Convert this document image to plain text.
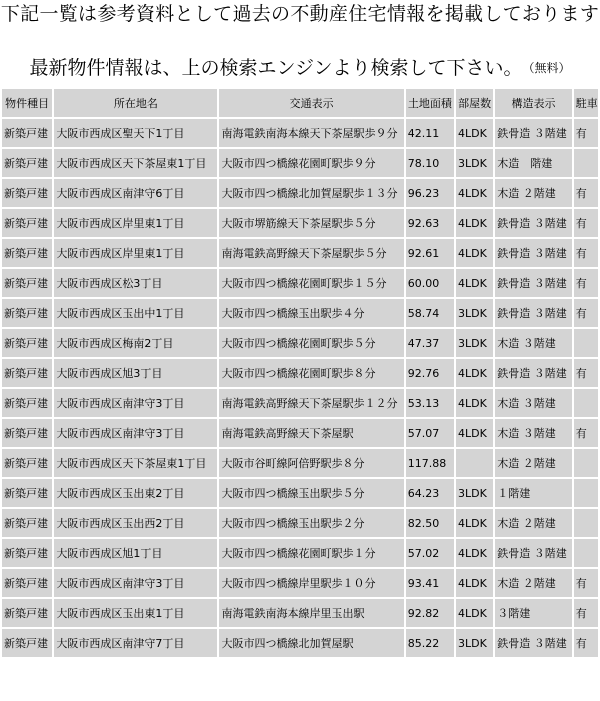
下記一覧は参考資料として過去の不動産住宅情報を掲載しております
最新物件情報は、上の検索エンジンより検索して下さい。 （無料）
物件種目	所在地名	交通表示	土地面積	部屋数	構造表示	駐車
新築戸建	大阪市西成区聖天下1丁目	南海電鉄南海本線天下茶屋駅歩９分	42.11	4LDK	鉄骨造 ３階建	有
新築戸建	大阪市西成区天下茶屋東1丁目	大阪市四つ橋線花園町駅歩９分	78.10	3LDK	木造　階建	
新築戸建	大阪市西成区南津守6丁目	大阪市四つ橋線北加賀屋駅歩１３分	96.23	4LDK	木造 ２階建	有
新築戸建	大阪市西成区岸里東1丁目	大阪市堺筋線天下茶屋駅歩５分	92.63	4LDK	鉄骨造 ３階建	有
新築戸建	大阪市西成区岸里東1丁目	南海電鉄高野線天下茶屋駅歩５分	92.61	4LDK	鉄骨造 ３階建	有
新築戸建	大阪市西成区松3丁目	大阪市四つ橋線花園町駅歩１５分	60.00	4LDK	鉄骨造 ３階建	有
新築戸建	大阪市西成区玉出中1丁目	大阪市四つ橋線玉出駅歩４分	58.74	3LDK	鉄骨造 ３階建	有
新築戸建	大阪市西成区梅南2丁目	大阪市四つ橋線花園町駅歩５分	47.37	3LDK	木造 ３階建	
新築戸建	大阪市西成区旭3丁目	大阪市四つ橋線花園町駅歩８分	92.76	4LDK	鉄骨造 ３階建	有
新築戸建	大阪市西成区南津守3丁目	南海電鉄高野線天下茶屋駅歩１２分	53.13	4LDK	木造 ３階建	
新築戸建	大阪市西成区南津守3丁目	南海電鉄高野線天下茶屋駅	57.07	4LDK	木造 ３階建	有
新築戸建	大阪市西成区天下茶屋東1丁目	大阪市谷町線阿倍野駅歩８分	117.88		木造 ２階建	
新築戸建	大阪市西成区玉出東2丁目	大阪市四つ橋線玉出駅歩５分	64.23	3LDK	１階建	
新築戸建	大阪市西成区玉出西2丁目	大阪市四つ橋線玉出駅歩２分	82.50	4LDK	木造 ２階建	
新築戸建	大阪市西成区旭1丁目	大阪市四つ橋線花園町駅歩１分	57.02	4LDK	鉄骨造 ３階建	
新築戸建	大阪市西成区南津守3丁目	大阪市四つ橋線岸里駅歩１０分	93.41	4LDK	木造 ２階建	有
新築戸建	大阪市西成区玉出東1丁目	南海電鉄南海本線岸里玉出駅	92.82	4LDK	３階建	有
新築戸建	大阪市西成区南津守7丁目	大阪市四つ橋線北加賀屋駅	85.22	3LDK	鉄骨造 ３階建	有
